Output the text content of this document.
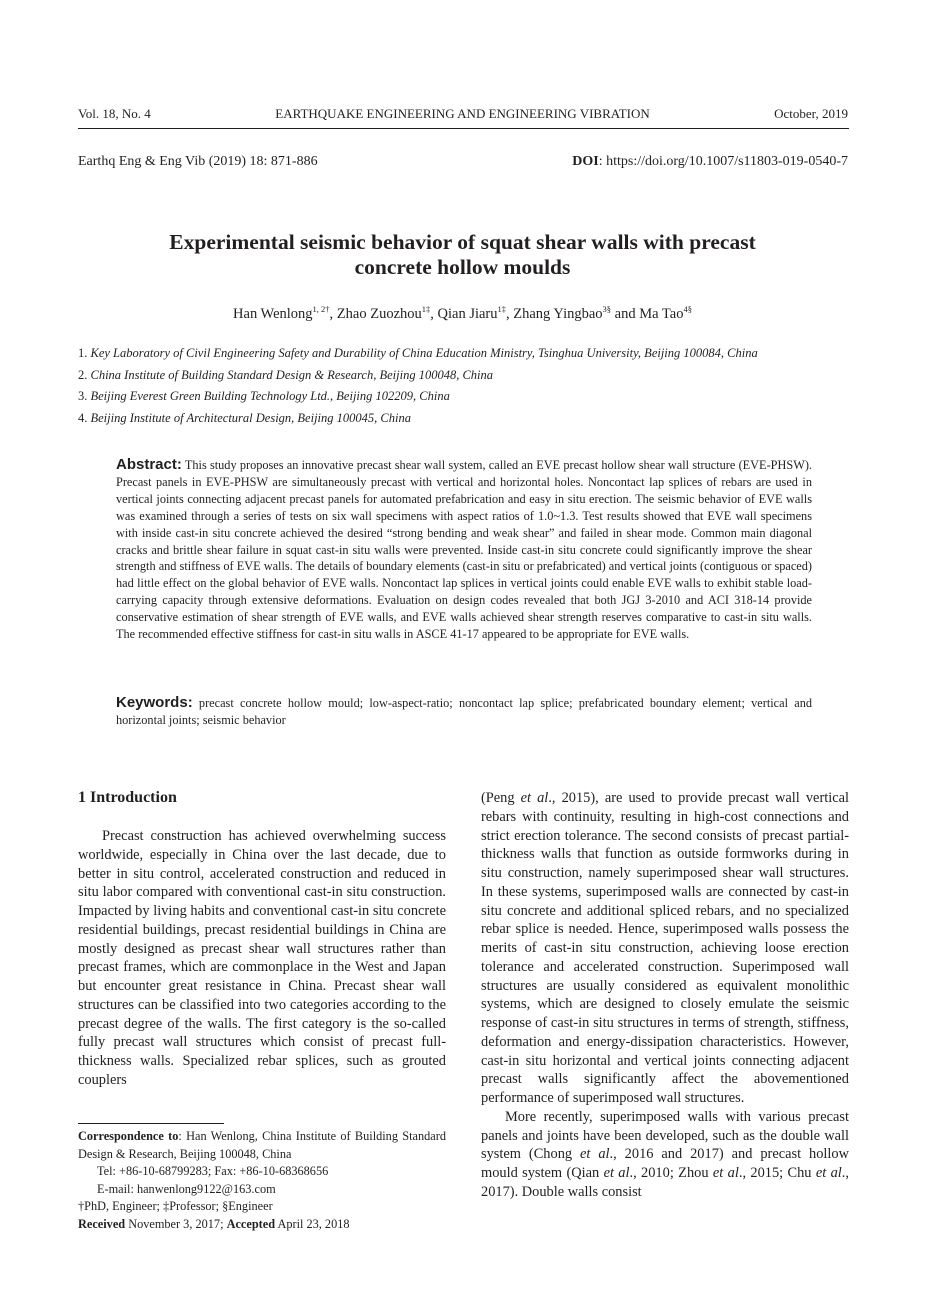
Vol. 18, No. 4	EARTHQUAKE ENGINEERING AND ENGINEERING VIBRATION	October, 2019
Earthq Eng & Eng Vib (2019) 18: 871-886	DOI: https://doi.org/10.1007/s11803-019-0540-7
Experimental seismic behavior of squat shear walls with precast
concrete hollow moulds
Han Wenlong$^{1, 2\dagger}$, Zhao Zuozhou$^{1\ddagger}$, Qian Jiaru$^{1\ddagger}$, Zhang Yingbao$^{3\S}$ and Ma Tao$^{4\S}$
1. Key Laboratory of Civil Engineering Safety and Durability of China Education Ministry, Tsinghua University, Beijing 100084, China
2. China Institute of Building Standard Design & Research, Beijing 100048, China
3. Beijing Everest Green Building Technology Ltd., Beijing 102209, China
4. Beijing Institute of Architectural Design, Beijing 100045, China
Abstract: This study proposes an innovative precast shear wall system, called an EVE precast hollow shear wall structure (EVE-PHSW). Precast panels in EVE-PHSW are simultaneously precast with vertical and horizontal holes. Noncontact lap splices of rebars are used in vertical joints connecting adjacent precast panels for automated prefabrication and easy in situ erection. The seismic behavior of EVE walls was examined through a series of tests on six wall specimens with aspect ratios of 1.0~1.3. Test results showed that EVE wall specimens with inside cast-in situ concrete achieved the desired “strong bending and weak shear” and failed in shear mode. Common main diagonal cracks and brittle shear failure in squat cast-in situ walls were prevented. Inside cast-in situ concrete could significantly improve the shear strength and stiffness of EVE walls. The details of boundary elements (cast-in situ or prefabricated) and vertical joints (contiguous or spaced) had little effect on the global behavior of EVE walls. Noncontact lap splices in vertical joints could enable EVE walls to exhibit stable load-carrying capacity through extensive deformations. Evaluation on design codes revealed that both JGJ 3-2010 and ACI 318-14 provide conservative estimation of shear strength of EVE walls, and EVE walls achieved shear strength reserves comparative to cast-in situ walls. The recommended effective stiffness for cast-in situ walls in ASCE 41-17 appeared to be appropriate for EVE walls.
Keywords: precast concrete hollow mould; low-aspect-ratio; noncontact lap splice; prefabricated boundary element; vertical and horizontal joints; seismic behavior
1 Introduction

Precast construction has achieved overwhelming success worldwide, especially in China over the last decade, due to better in situ control, accelerated construction and reduced in situ labor compared with conventional cast-in situ construction. Impacted by living habits and conventional cast-in situ concrete residential buildings, precast residential buildings in China are mostly designed as precast shear wall structures rather than precast frames, which are commonplace in the West and Japan but encounter great resistance in China. Precast shear wall structures can be classified into two categories according to the precast degree of the walls. The first category is the so-called fully precast wall structures which consist of precast full-thickness walls. Specialized rebar splices, such as grouted couplers

Correspondence to: Han Wenlong, China Institute of Building Standard Design & Research, Beijing 100048, China
Tel: +86-10-68799283; Fax: +86-10-68368656
E-mail: hanwenlong9122@163.com
†PhD, Engineer; ‡Professor; §Engineer
Received November 3, 2017; Accepted April 23, 2018

(Peng et al., 2015), are used to provide precast wall vertical rebars with continuity, resulting in high-cost connections and strict erection tolerance. The second consists of precast partial-thickness walls that function as outside formworks during in situ construction, namely superimposed shear wall structures. In these systems, superimposed walls are connected by cast-in situ concrete and additional spliced rebars, and no specialized rebar splice is needed. Hence, superimposed walls possess the merits of cast-in situ construction, achieving loose erection tolerance and accelerated construction. Superimposed wall structures are usually considered as equivalent monolithic systems, which are designed to closely emulate the seismic response of cast-in situ structures in terms of strength, stiffness, deformation and energy-dissipation characteristics. However, cast-in situ horizontal and vertical joints connecting adjacent precast walls significantly affect the abovementioned performance of superimposed wall structures.

More recently, superimposed walls with various precast panels and joints have been developed, such as the double wall system (Chong et al., 2016 and 2017) and precast hollow mould system (Qian et al., 2010; Zhou et al., 2015; Chu et al., 2017). Double walls consist
